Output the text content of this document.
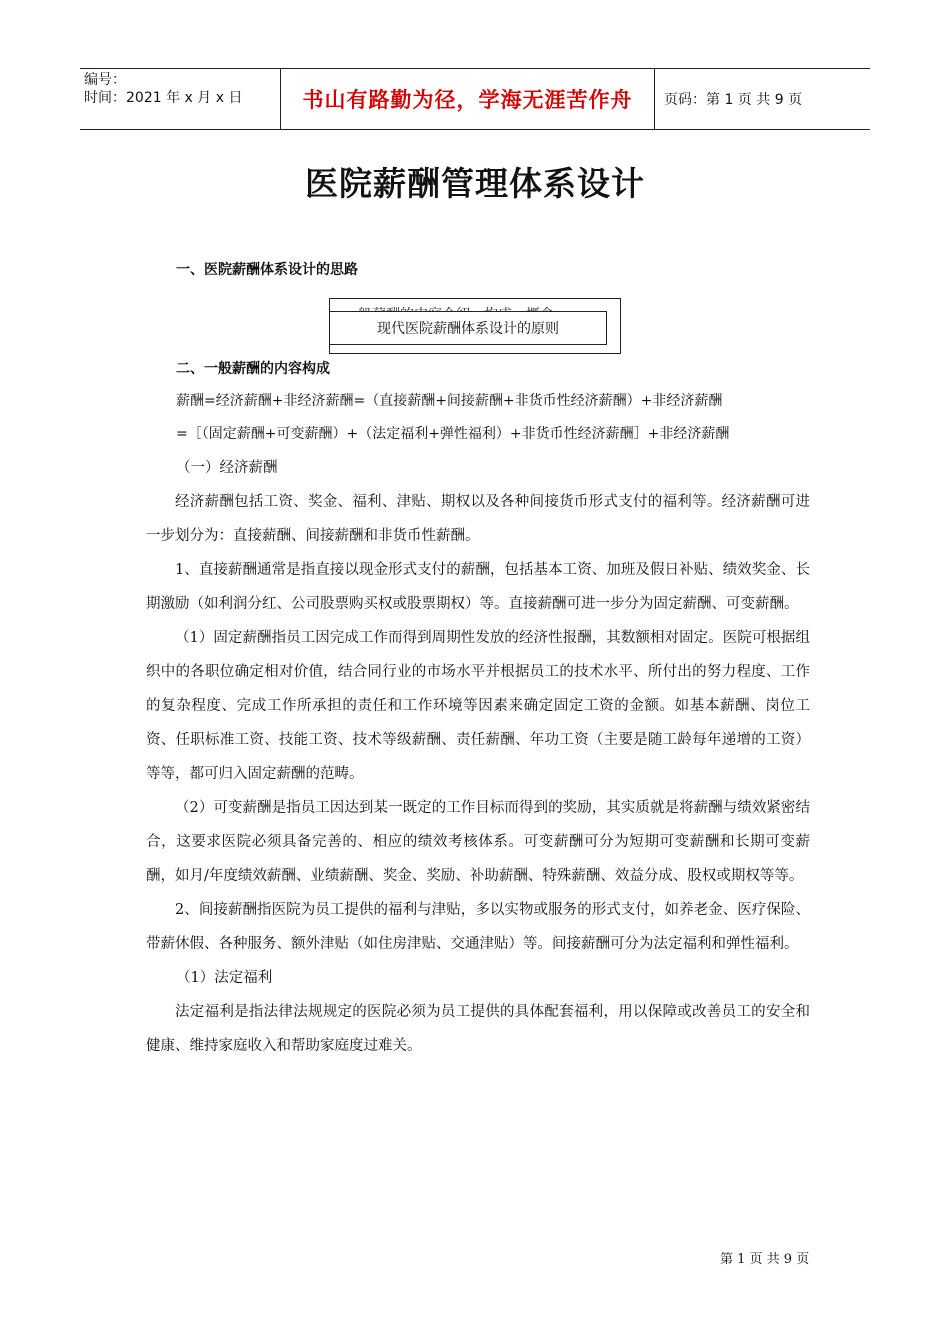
编号：
时间：2021 年 x 月 x 日	书山有路勤为径，学海无涯苦作舟	页码：第 1 页 共 9 页
医院薪酬管理体系设计
一、医院薪酬体系设计的思路
现代医院薪酬体系设计的原则
二、一般薪酬的内容构成
薪酬=经济薪酬+非经济薪酬=（直接薪酬+间接薪酬+非货币性经济薪酬）+非经济薪酬
=［（固定薪酬+可变薪酬）+（法定福利+弹性福利）+非货币性经济薪酬］+非经济薪酬

（一）经济薪酬

经济薪酬包括工资、奖金、福利、津贴、期权以及各种间接货币形式支付的福利等。经济薪酬可进一步划分为：直接薪酬、间接薪酬和非货币性薪酬。

1、直接薪酬通常是指直接以现金形式支付的薪酬，包括基本工资、加班及假日补贴、绩效奖金、长期激励（如利润分红、公司股票购买权或股票期权）等。直接薪酬可进一步分为固定薪酬、可变薪酬。

（1）固定薪酬指员工因完成工作而得到周期性发放的经济性报酬，其数额相对固定。医院可根据组织中的各职位确定相对价值，结合同行业的市场水平并根据员工的技术水平、所付出的努力程度、工作的复杂程度、完成工作所承担的责任和工作环境等因素来确定固定工资的金额。如基本薪酬、岗位工资、任职标准工资、技能工资、技术等级薪酬、责任薪酬、年功工资（主要是随工龄每年递增的工资）等等，都可归入固定薪酬的范畴。

（2）可变薪酬是指员工因达到某一既定的工作目标而得到的奖励，其实质就是将薪酬与绩效紧密结合，这要求医院必须具备完善的、相应的绩效考核体系。可变薪酬可分为短期可变薪酬和长期可变薪酬，如月/年度绩效薪酬、业绩薪酬、奖金、奖励、补助薪酬、特殊薪酬、效益分成、股权或期权等等。

2、间接薪酬指医院为员工提供的福利与津贴，多以实物或服务的形式支付，如养老金、医疗保险、带薪休假、各种服务、额外津贴（如住房津贴、交通津贴）等。间接薪酬可分为法定福利和弹性福利。

（1）法定福利

法定福利是指法律法规规定的医院必须为员工提供的具体配套福利，用以保障或改善员工的安全和健康、维持家庭收入和帮助家庭度过难关。

第 1 页 共 9 页
